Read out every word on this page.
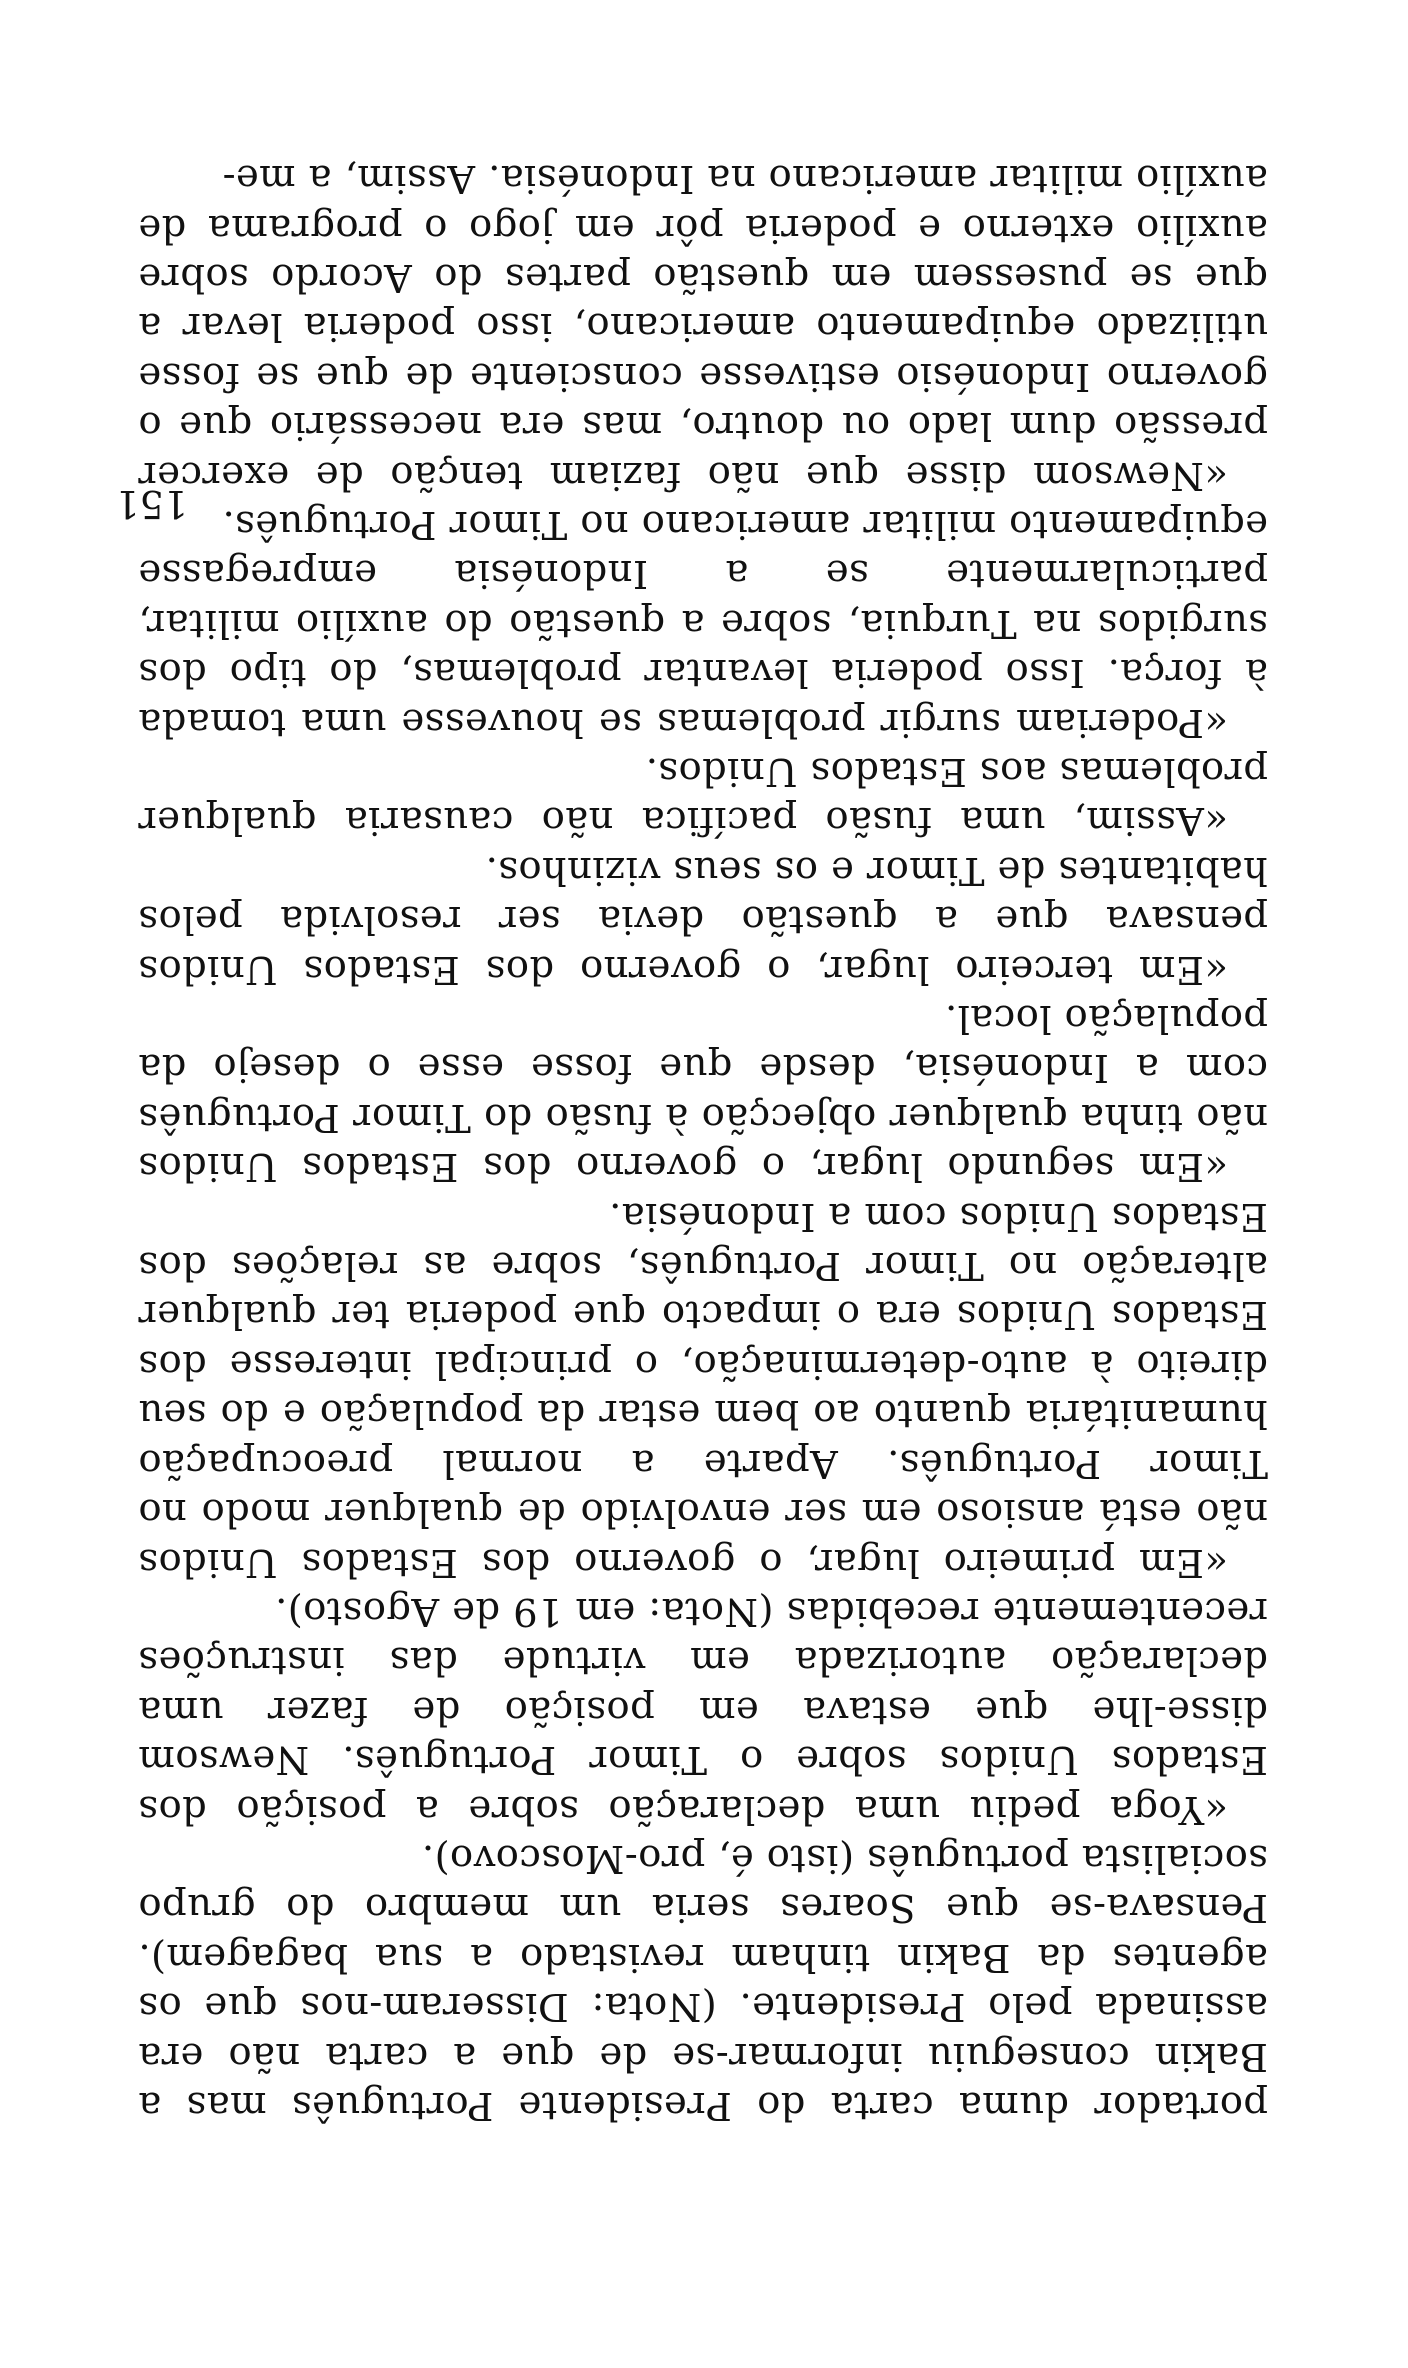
portador duma carta do Presidente Português mas a Bakin conseguiu informar-se de que a carta não era assinada pelo Presidente. (Nota: Disseram-nos que os agentes da Bakin tinham revistado a sua bagagem). Pensava-se que Soares seria um membro do grupo socialista português (isto é, pro-Moscovo).

«Yoga pediu uma declaração sobre a posição dos Estados Unidos sobre o Timor Português. Newsom disse-lhe que estava em posição de fazer uma declaração autorizada em virtude das instruções recentemente recebidas (Nota: em 19 de Agosto).

«Em primeiro lugar, o governo dos Estados Unidos não está ansioso em ser envolvido de qualquer modo no Timor Português. Aparte a normal preocupação humanitária quanto ao bem estar da população e do seu direito à auto-determinação, o principal interesse dos Estados Unidos era o impacto que poderia ter qualquer alteração no Timor Português, sobre as relações dos Estados Unidos com a Indonésia.

«Em segundo lugar, o governo dos Estados Unidos não tinha qualquer objecção à fusão do Timor Português com a Indonésia, desde que fosse esse o desejo da população local.

«Em terceiro lugar, o governo dos Estados Unidos pensava que a questão devia ser resolvida pelos habitantes de Timor e os seus vizinhos.

«Assim, uma fusão pacífica não causaria qualquer problemas aos Estados Unidos.

«Poderiam surgir problemas se houvesse uma tomada à força. Isso poderia levantar problemas, do tipo dos surgidos na Turquia, sobre a questão do auxílio militar, particularmente se a Indonésia empregasse equipamento militar americano no Timor Português.

«Newsom disse que não faziam tenção de exercer pressão dum lado ou doutro, mas era necessário que o governo Indonésio estivesse consciente de que se fosse utilizado equipamento americano, isso poderia levar a que se pusessem em questão partes do Acordo sobre auxílio externo e poderia pôr em jogo o programa de auxílio militar americano na Indonésia. Assim, a me-

151
